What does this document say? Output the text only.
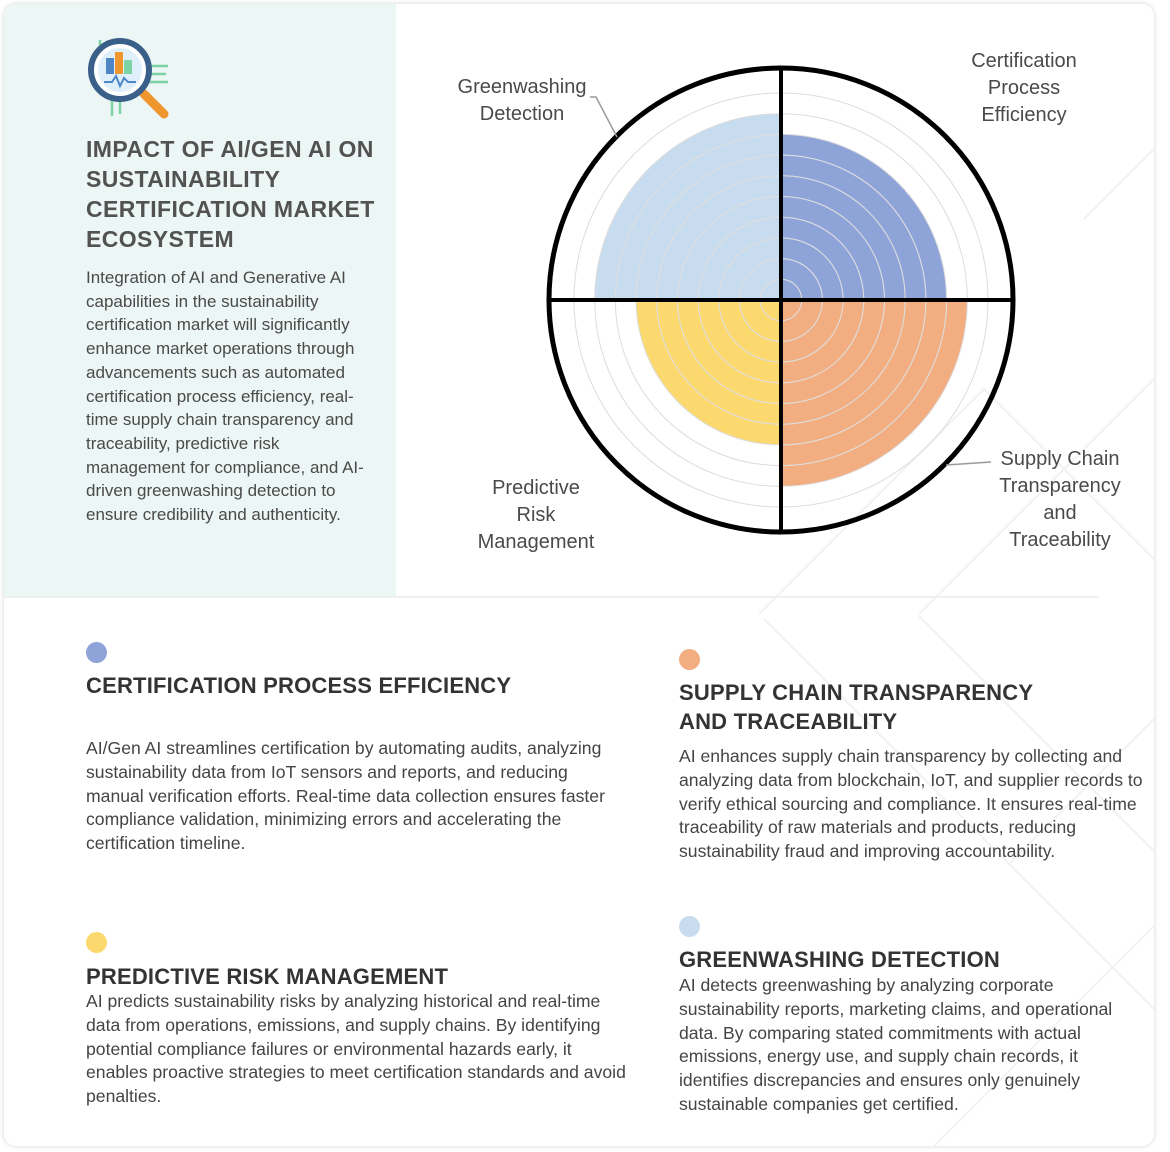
IMPACT OF AI/GEN AI ON SUSTAINABILITY CERTIFICATION MARKET ECOSYSTEM

Integration of AI and Generative AI capabilities in the sustainability certification market will significantly enhance market operations through advancements such as automated certification process efficiency, real-time supply chain transparency and traceability, predictive risk management for compliance, and AI-driven greenwashing detection to ensure credibility and authenticity.

Certification
Process
Efficiency
Greenwashing
Detection
Supply Chain
Transparency
and
Traceability
Predictive
Risk
Management
CERTIFICATION PROCESS EFFICIENCY

AI/Gen AI streamlines certification by automating audits, analyzing sustainability data from IoT sensors and reports, and reducing manual verification efforts. Real-time data collection ensures faster compliance validation, minimizing errors and accelerating the certification timeline.

SUPPLY CHAIN TRANSPARENCY AND TRACEABILITY

AI enhances supply chain transparency by collecting and analyzing data from blockchain, IoT, and supplier records to verify ethical sourcing and compliance. It ensures real-time traceability of raw materials and products, reducing sustainability fraud and improving accountability.

PREDICTIVE RISK MANAGEMENT

AI predicts sustainability risks by analyzing historical and real-time data from operations, emissions, and supply chains. By identifying potential compliance failures or environmental hazards early, it enables proactive strategies to meet certification standards and avoid penalties.

GREENWASHING DETECTION

AI detects greenwashing by analyzing corporate sustainability reports, marketing claims, and operational data. By comparing stated commitments with actual emissions, energy use, and supply chain records, it identifies discrepancies and ensures only genuinely sustainable companies get certified.
